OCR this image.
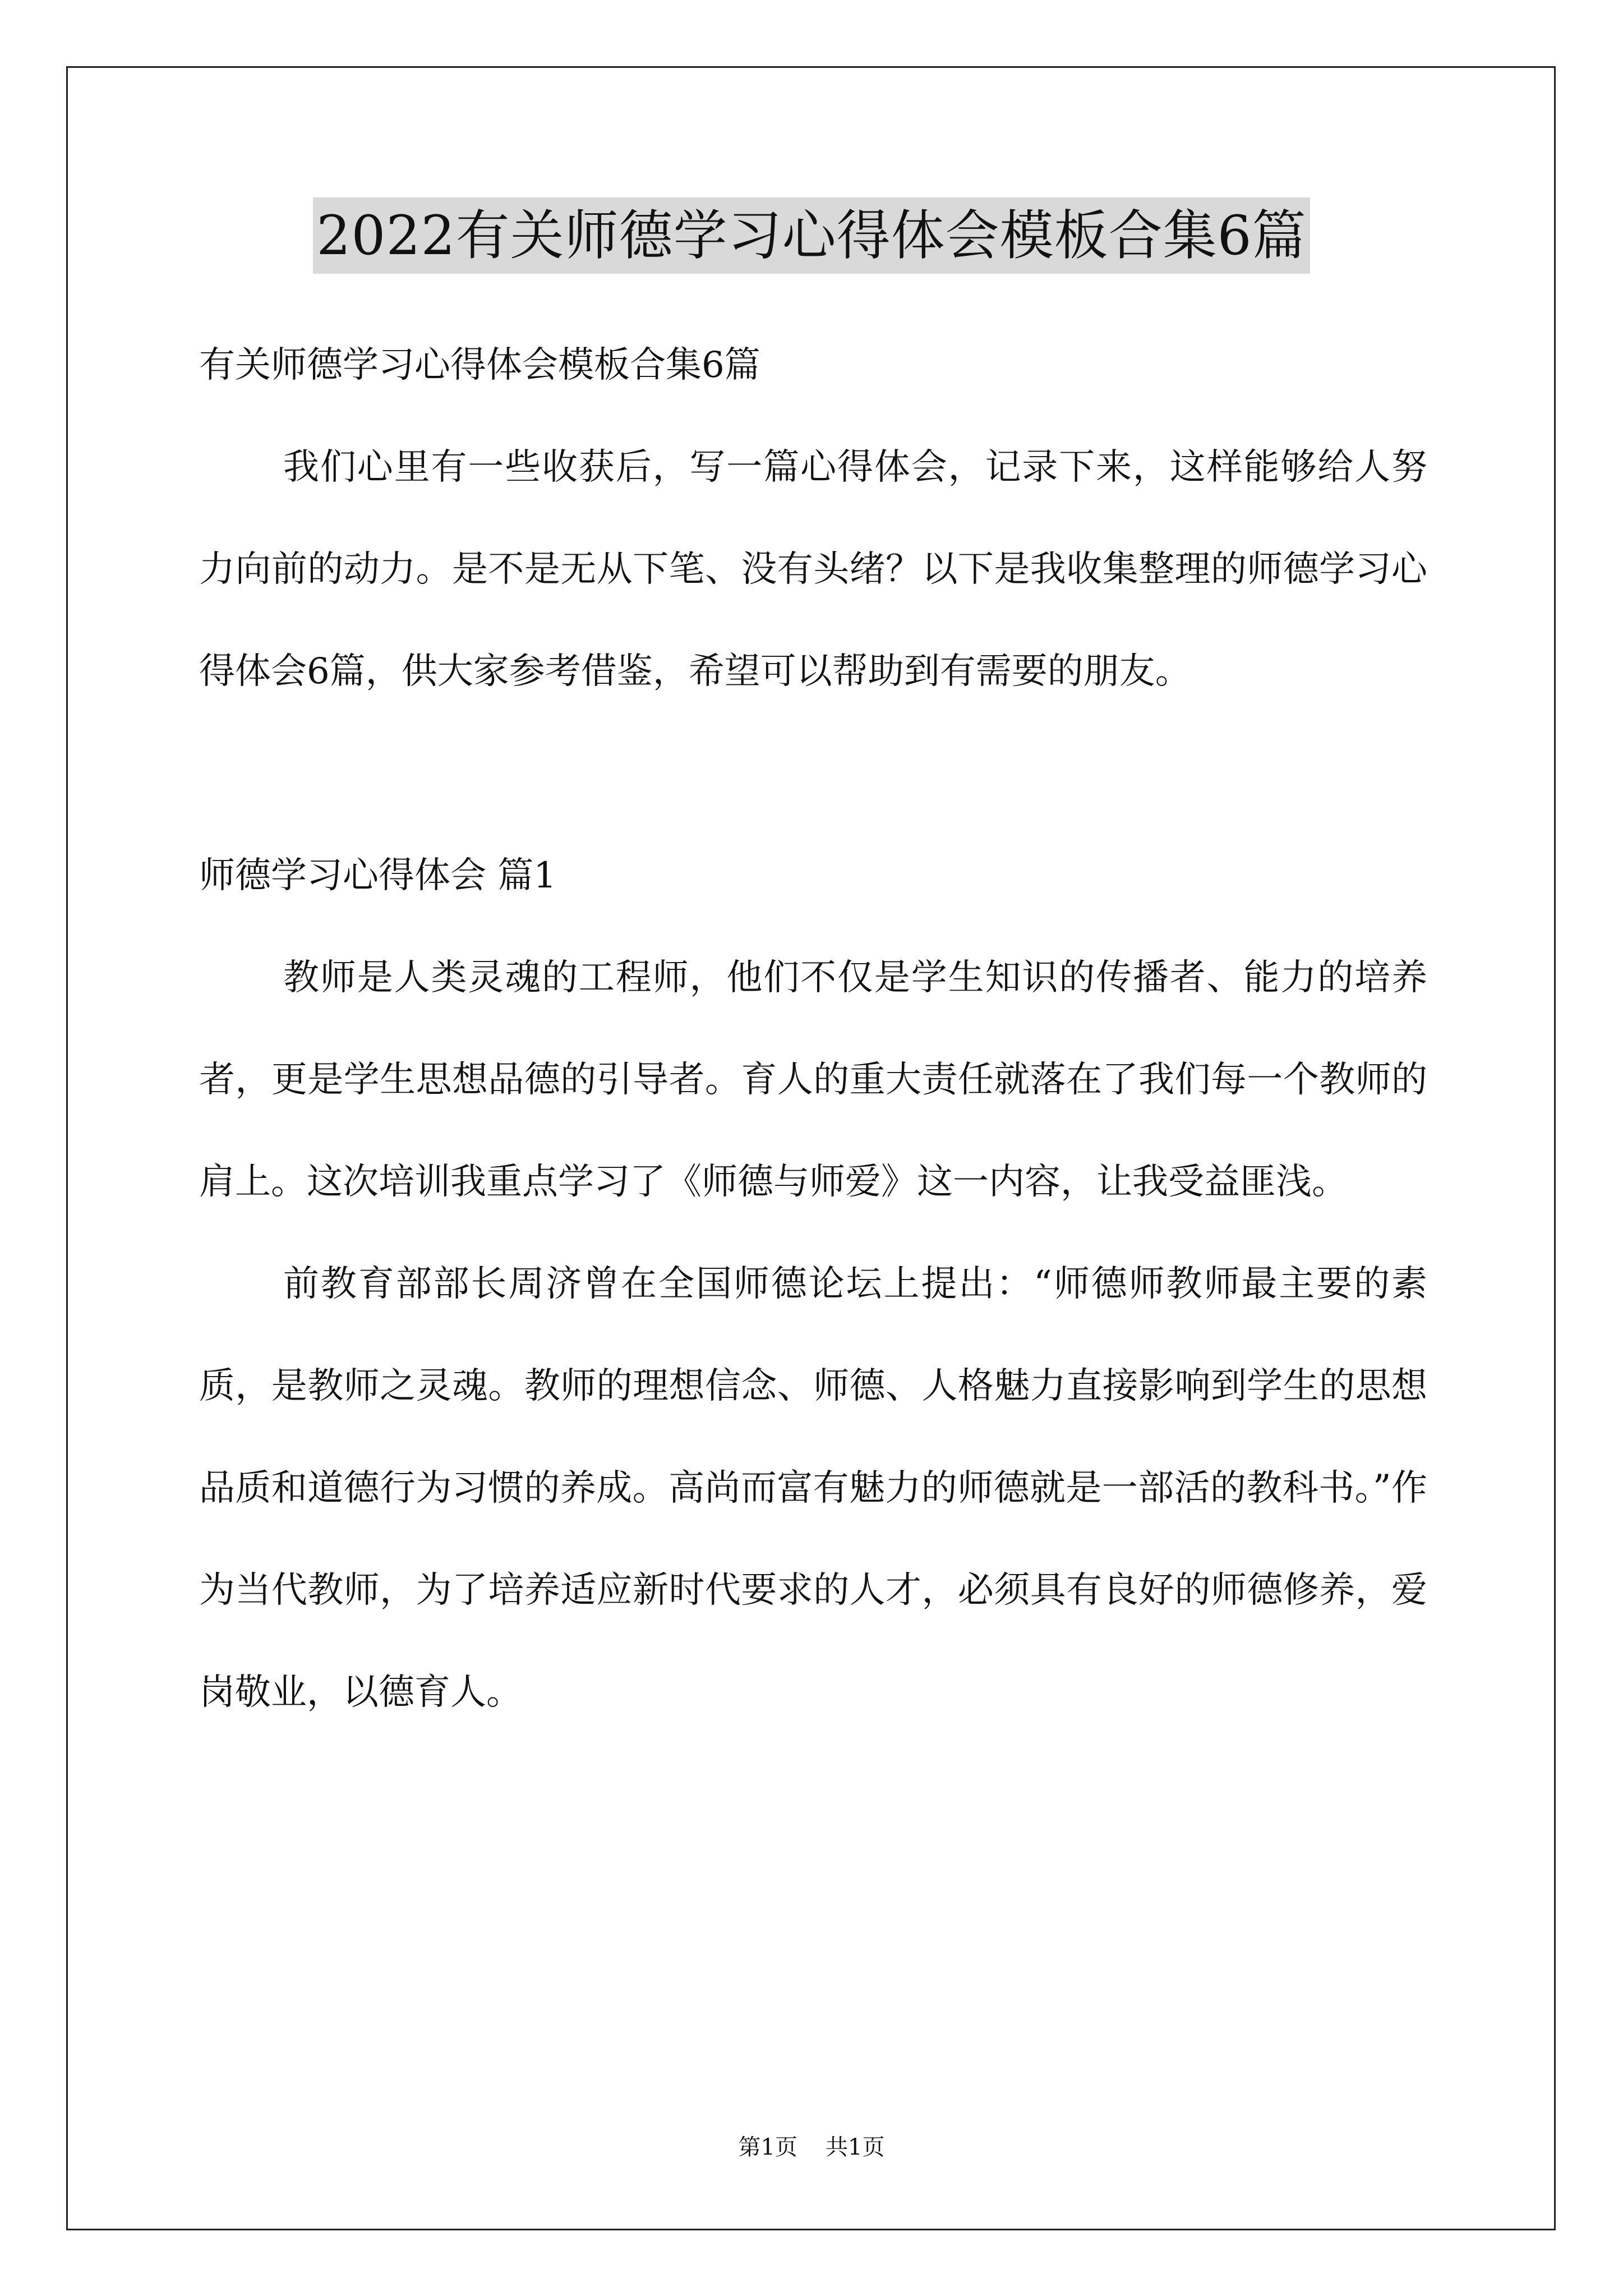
2022有关师德学习心得体会模板合集6篇

有关师德学习心得体会模板合集6篇

我们心里有一些收获后，写一篇心得体会，记录下来，这样能够给人努力向前的动力。是不是无从下笔、没有头绪？以下是我收集整理的师德学习心得体会6篇，供大家参考借鉴，希望可以帮助到有需要的朋友。

师德学习心得体会 篇1

教师是人类灵魂的工程师，他们不仅是学生知识的传播者、能力的培养者，更是学生思想品德的引导者。育人的重大责任就落在了我们每一个教师的肩上。这次培训我重点学习了《师德与师爱》这一内容，让我受益匪浅。

前教育部部长周济曾在全国师德论坛上提出：“师德师教师最主要的素质，是教师之灵魂。教师的理想信念、师德、人格魅力直接影响到学生的思想品质和道德行为习惯的养成。高尚而富有魅力的师德就是一部活的教科书。”作为当代教师，为了培养适应新时代要求的人才，必须具有良好的师德修养，爱岗敬业，以德育人。

第1页 共1页
